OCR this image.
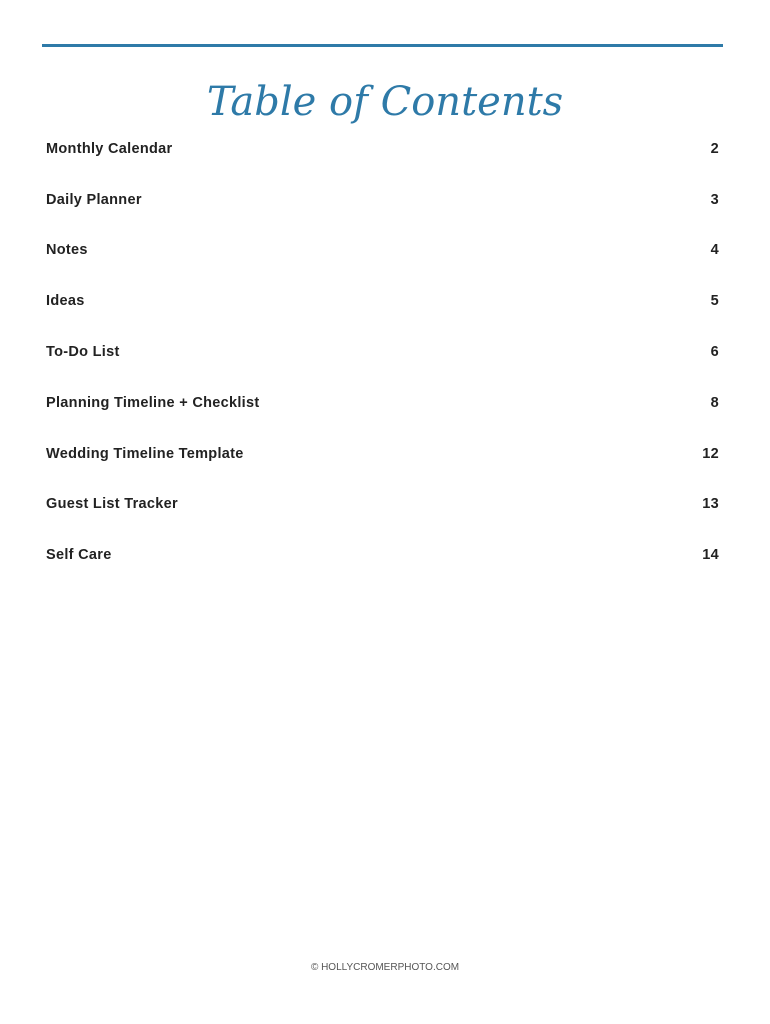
Table of Contents
Monthly Calendar	2
Daily Planner	3
Notes	4
Ideas	5
To-Do List	6
Planning Timeline + Checklist	8
Wedding Timeline Template	12
Guest List Tracker	13
Self Care	14
© HOLLYCROMERPHOTO.COM
